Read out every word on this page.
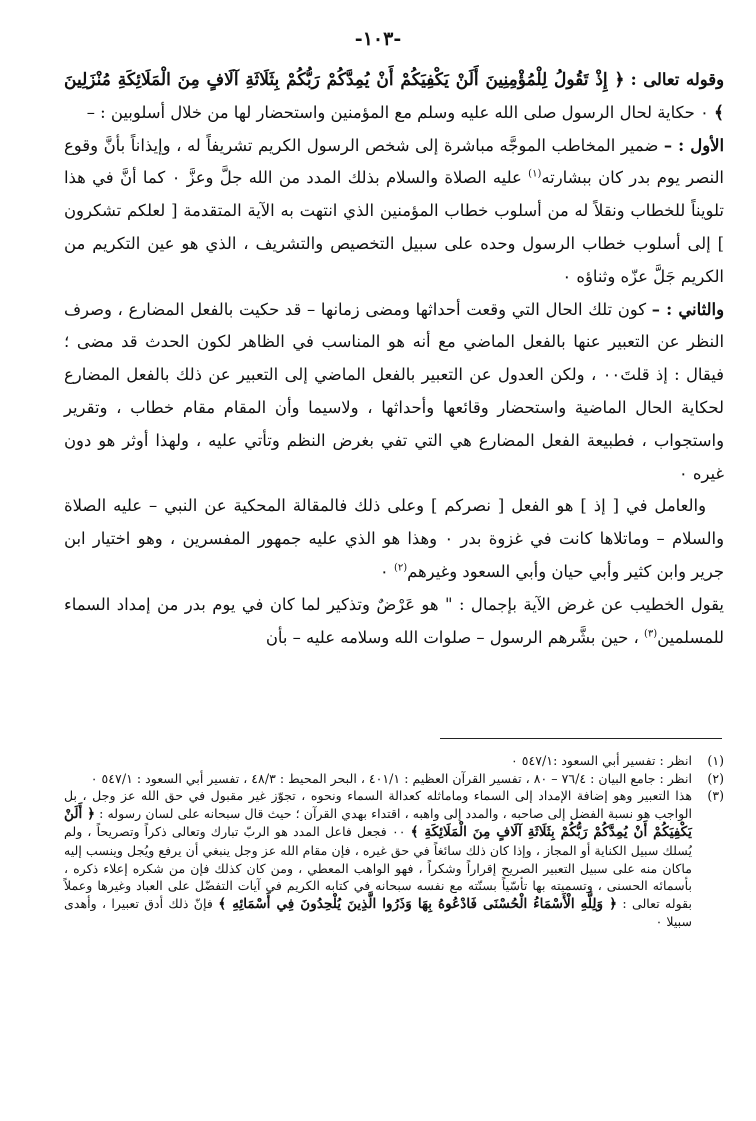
-١٠٣-

وقوله تعالى : ﴿ إِذْ تَقُولُ لِلْمُؤْمِنِينَ أَلَنْ يَكْفِيَكُمْ أَنْ يُمِدَّكُمْ رَبُّكُمْ بِثَلَاثَةِ آلَافٍ مِنَ الْمَلَائِكَةِ مُنْزَلِينَ ﴾ ٠ حكاية لحال الرسول صلى الله عليه وسلم مع المؤمنين واستحضار لها من خلال أسلوبين : –

الأول : – ضمير المخاطب الموجَّه مباشرة إلى شخص الرسول الكريم تشريفاً له ، وإيذاناً بأنَّ وقوع النصر يوم بدر كان ببشارته$^{(١)}$ عليه الصلاة والسلام بذلك المدد من الله جلَّ وعزَّ ٠ كما أنَّ في هذا تلويناً للخطاب ونقلاً له من أسلوب خطاب المؤمنين الذي انتهت به الآية المتقدمة [ لعلكم تشكرون ] إلى أسلوب خطاب الرسول وحده على سبيل التخصيص والتشريف ، الذي هو عين التكريم من الكريم جَلَّ عزّه وثناؤه ٠

والثاني : – كون تلك الحال التي وقعت أحداثها ومضى زمانها – قد حكيت بالفعل المضارع ، وصرف النظر عن التعبير عنها بالفعل الماضي مع أنه هو المناسب في الظاهر لكون الحدث قد مضى ؛ فيقال : إذ قلتَ٠٠ ، ولكن العدول عن التعبير بالفعل الماضي إلى التعبير عن ذلك بالفعل المضارع لحكاية الحال الماضية واستحضار وقائعها وأحداثها ، ولاسيما وأن المقام مقام خطاب ، وتقرير واستجواب ، فطبيعة الفعل المضارع هي التي تفي بغرض النظم وتأتي عليه ، ولهذا أوثر هو دون غيره ٠

والعامل في [ إذ ] هو الفعل [ نصركم ] وعلى ذلك فالمقالة المحكية عن النبي – عليه الصلاة والسلام – وماتلاها كانت في غزوة بدر ٠ وهذا هو الذي عليه جمهور المفسرين ، وهو اختيار ابن جرير وابن كثير وأبي حيان وأبي السعود وغيرهم$^{(٢)}$ ٠

يقول الخطيب عن غرض الآية بإجمال : " هو عَرْضٌ وتذكير لما كان في يوم بدر من إمداد السماء للمسلمين$^{(٣)}$ ، حين بشَّرهم الرسول – صلوات الله وسلامه عليه – بأن

(١)
انظر : تفسير أبي السعود :٥٤٧/١ ٠
(٢)
انظر : جامع البيان : ٧٦/٤ – ٨٠ ، تفسير القرآن العظيم : ٤٠١/١ ، البحر المحيط : ٤٨/٣ ، تفسير أبي السعود : ٥٤٧/١ ٠
(٣)
هذا التعبير وهو إضافة الإمداد إلى السماء وماماثله كعدالة السماء ونحوه ، تجوّز غير مقبول في حق الله عز وجل ، بل الواجب هو نسبة الفضل إلى صاحبه ، والمدد إلى واهبه ، اقتداء بهدي القرآن ؛ حيث قال سبحانه على لسان رسوله : ﴿ أَلَنْ يَكْفِيَكُمْ أَنْ يُمِدَّكُمْ رَبُّكُمْ بِثَلَاثَةِ آلَافٍ مِنَ الْمَلَائِكَةِ ﴾ ٠٠ فجعل فاعل المدد هو الربّ تبارك وتعالى ذكراً وتصريحاً ، ولم يُسلك سبيل الكناية أو المجاز ، وإذا كان ذلك سائغاً في حق غيره ، فإن مقام الله عز وجل ينبغي أن يرفع ويُجل وينسب إليه ماكان منه على سبيل التعبير الصريح إقراراً وشكراً ، فهو الواهب المعطي ، ومن كان كذلك فإن من شكره إعلاء ذكره ، بأسمائه الحسنى ، وتسميته بها تأسّياً بسنّته مع نفسه سبحانه في كتابه الكريم في آيات التفضّل على العباد وغيرها وعملاً بقوله تعالى : ﴿ وَلِلَّهِ الْأَسْمَاءُ الْحُسْنَى فَادْعُوهُ بِهَا وَذَرُوا الَّذِينَ يُلْحِدُونَ فِي أَسْمَائِهِ ﴾ فإنّ ذلك أدق تعبيرا ، وأهدى سبيلا ٠
